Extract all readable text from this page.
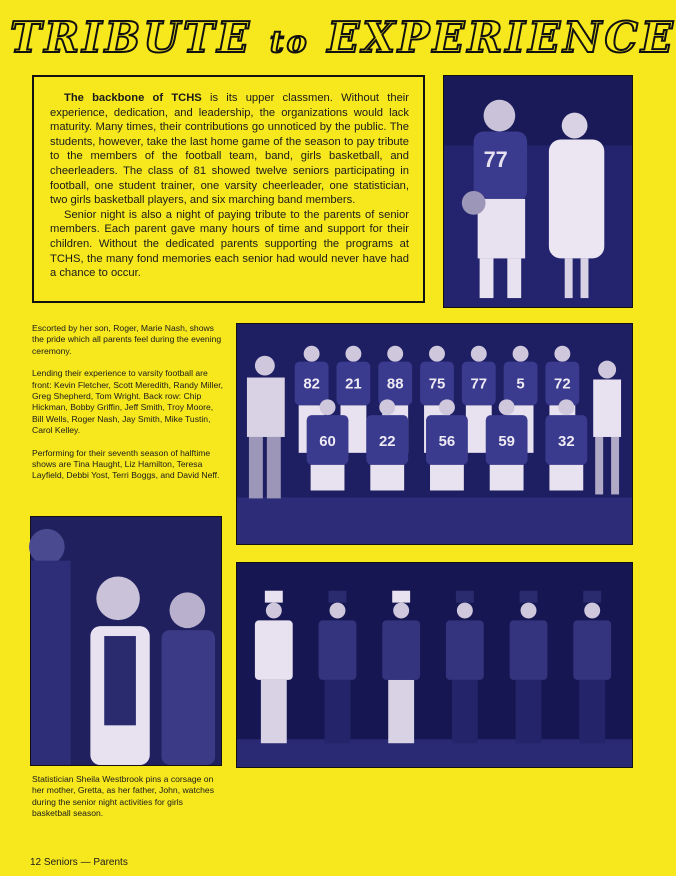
TRIBUTE to EXPERIENCE

The backbone of TCHS is its upper classmen. Without their experience, dedication, and leadership, the organizations would lack maturity. Many times, their contributions go unnoticed by the public. The students, however, take the last home game of the season to pay tribute to the members of the football team, band, girls basketball, and cheerleaders. The class of 81 showed twelve seniors participating in football, one student trainer, one varsity cheerleader, one statistician, two girls basketball players, and six marching band members.

Senior night is also a night of paying tribute to the parents of senior members. Each parent gave many hours of time and support for their children. Without the dedicated parents supporting the programs at TCHS, the many fond memories each senior had would never have had a chance to occur.

77

Escorted by her son, Roger, Marie Nash, shows the pride which all parents feel during the evening ceremony.

Lending their experience to varsity football are front: Kevin Fletcher, Scott Meredith, Randy Miller, Greg Shepherd, Tom Wright. Back row: Chip Hickman, Bobby Griffin, Jeff Smith, Troy Moore, Bill Wells, Roger Nash, Jay Smith, Mike Tustin, Carol Kelley.

Performing for their seventh season of halftime shows are Tina Haught, Liz Hamilton, Teresa Layfield, Debbi Yost, Terri Boggs, and David Neff.

82 21 88 75 77 5 72
60	22	56	59	32

Statistician Sheila Westbrook pins a corsage on her mother, Gretta, as her father, John, watches during the senior night activities for girls basketball season.

12 Seniors — Parents
